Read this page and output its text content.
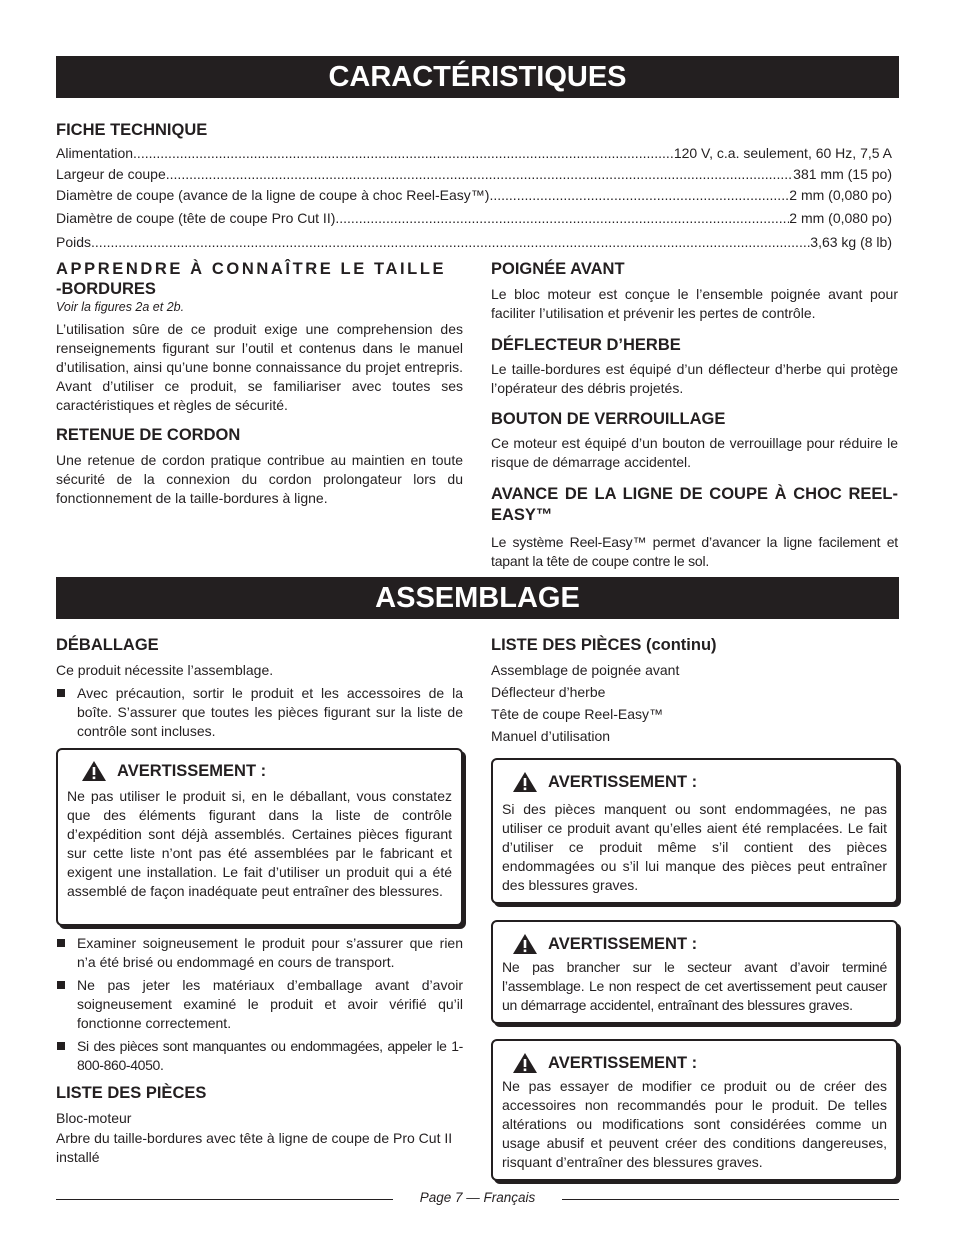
CARACTÉRISTIQUES
FICHE TECHNIQUE
Alimentation .....	120 V, c.a. seulement, 60 Hz, 7,5 A
Largeur de coupe .....	381 mm (15 po)
Diamètre de coupe (avance de la ligne de coupe à choc Reel-Easy™) .....	2 mm (0,080 po)
Diamètre de coupe (tête de coupe Pro Cut II) .....	2 mm (0,080 po)
Poids .....	3,63 kg (8 lb)
APPRENDRE À CONNAÎTRE LE TAILLE
-BORDURES
Voir la figures 2a et 2b.

L’utilisation sûre de ce produit exige une comprehension des renseignements figurant sur l’outil et contenus dans le manuel d’utilisation, ainsi qu’une bonne connaissance du projet entrepris. Avant d’utiliser ce produit, se familiariser avec toutes ses caractéristiques et règles de sécurité.

RETENUE DE CORDON

Une retenue de cordon pratique contribue au maintien en toute sécurité de la connexion du cordon prolongateur lors du fonctionnement de la taille-bordures à ligne.

POIGNÉE AVANT

Le bloc moteur est conçue le l’ensemble poignée avant pour faciliter l’utilisation et prévenir les pertes de contrôle.

DÉFLECTEUR D’HERBE

Le taille-bordures est équipé d’un déflecteur d’herbe qui protège l’opérateur des débris projetés.

BOUTON DE VERROUILLAGE

Ce moteur est équipé d’un bouton de verrouillage pour réduire le risque de démarrage accidentel.

AVANCE DE LA LIGNE DE COUPE À CHOC REEL-EASY™

Le système Reel-Easy™ permet d’avancer la ligne facilement et tapant la tête de coupe contre le sol.

ASSEMBLAGE
DÉBALLAGE

Ce produit nécessite l’assemblage.

Avec précaution, sortir le produit et les accessoires de la boîte. S’assurer que toutes les pièces figurant sur la liste de contrôle sont incluses.

AVERTISSEMENT :

Ne pas utiliser le produit si, en le déballant, vous constatez que des éléments figurant dans la liste de contrôle d’expédition sont déjà assemblés. Certaines pièces figurant sur cette liste n’ont pas été assemblées par le fabricant et exigent une installation. Le fait d’utiliser un produit qui a été assemblé de façon inadéquate peut entraîner des blessures.

Examiner soigneusement le produit pour s’assurer que rien n’a été brisé ou endommagé en cours de transport.

Ne pas jeter les matériaux d’emballage avant d’avoir soigneusement examiné le produit et avoir vérifié qu’il fonctionne correctement.

Si des pièces sont manquantes ou endommagées, appeler le 1-800-860-4050.

LISTE DES PIÈCES

Bloc-moteur

Arbre du taille-bordures avec tête à ligne de coupe de Pro Cut II installé

LISTE DES PIÈCES (continu)

Assemblage de poignée avant

Déflecteur d’herbe

Tête de coupe Reel-Easy™

Manuel d’utilisation

AVERTISSEMENT :

Si des pièces manquent ou sont endommagées, ne pas utiliser ce produit avant qu’elles aient été remplacées. Le fait d’utiliser ce produit même s’il contient des pièces endommagées ou s’il lui manque des pièces peut entraîner des blessures graves.

AVERTISSEMENT :

Ne pas brancher sur le secteur avant d’avoir terminé l’assemblage. Le non respect de cet avertissement peut causer un démarrage accidentel, entraînant des blessures graves.

AVERTISSEMENT :

Ne pas essayer de modifier ce produit ou de créer des accessoires non recommandés pour le produit. De telles altérations ou modifications sont considérées comme un usage abusif et peuvent créer des conditions dangereuses, risquant d’entraîner des blessures graves.

Page 7 — Français
